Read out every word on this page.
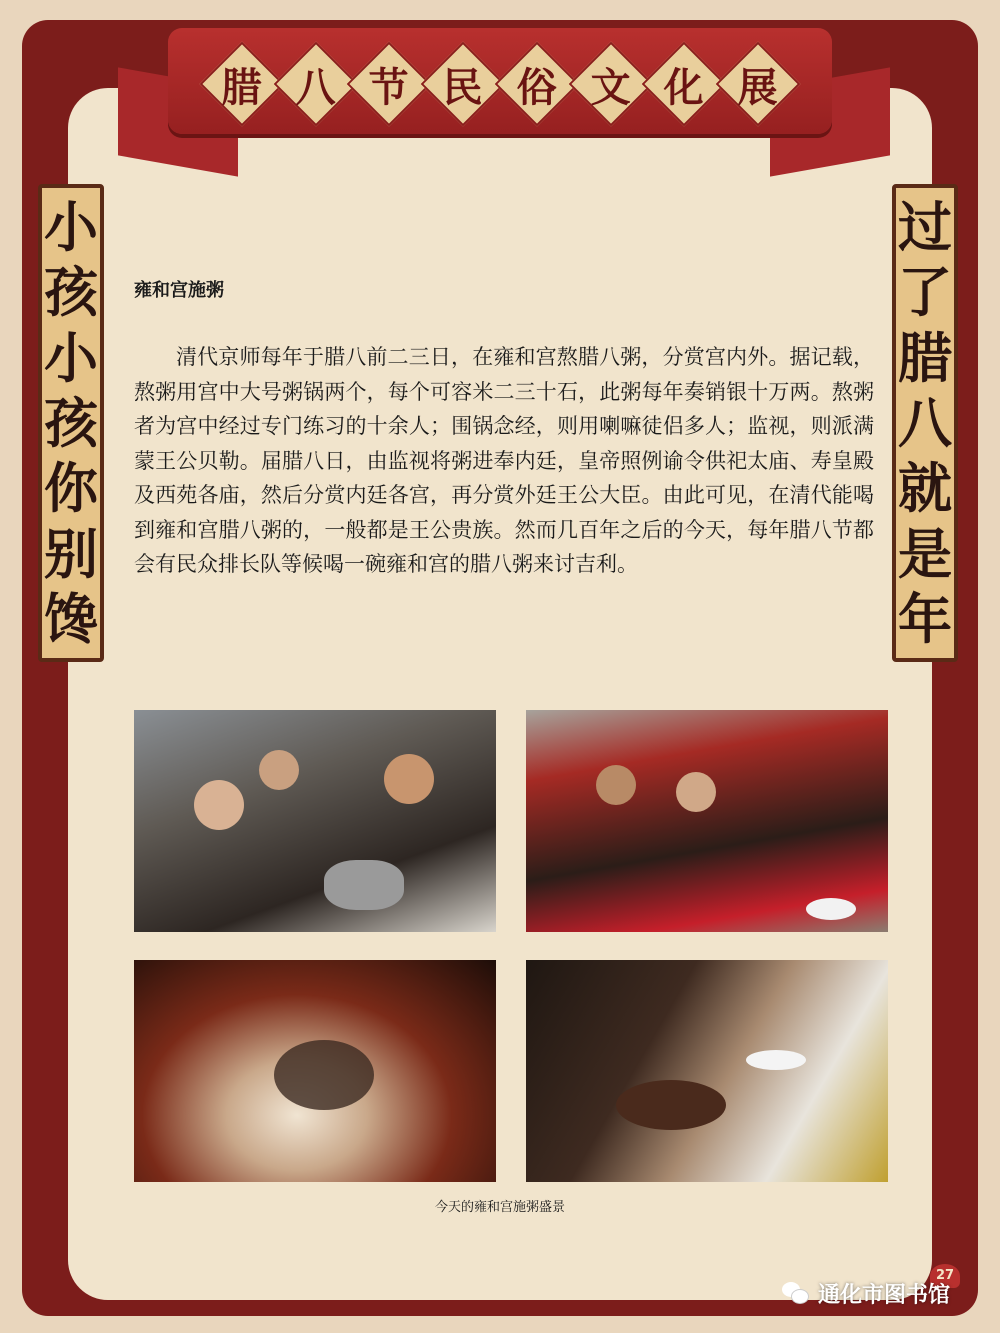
腊 八 节 民 俗 文 化 展
小
孩
小
孩
你
别
馋
过
了
腊
八
就
是
年
雍和宫施粥

清代京师每年于腊八前二三日，在雍和宫熬腊八粥，分赏宫内外。据记载，熬粥用宫中大号粥锅两个，每个可容米二三十石，此粥每年奏销银十万两。熬粥者为宫中经过专门练习的十余人；围锅念经，则用喇嘛徒侣多人；监视，则派满蒙王公贝勒。届腊八日，由监视将粥进奉内廷，皇帝照例谕令供祀太庙、寿皇殿及西苑各庙，然后分赏内廷各宫，再分赏外廷王公大臣。由此可见，在清代能喝到雍和宫腊八粥的，一般都是王公贵族。然而几百年之后的今天，每年腊八节都会有民众排长队等候喝一碗雍和宫的腊八粥来讨吉利。

今天的雍和宫施粥盛景
27
通化市图书馆
